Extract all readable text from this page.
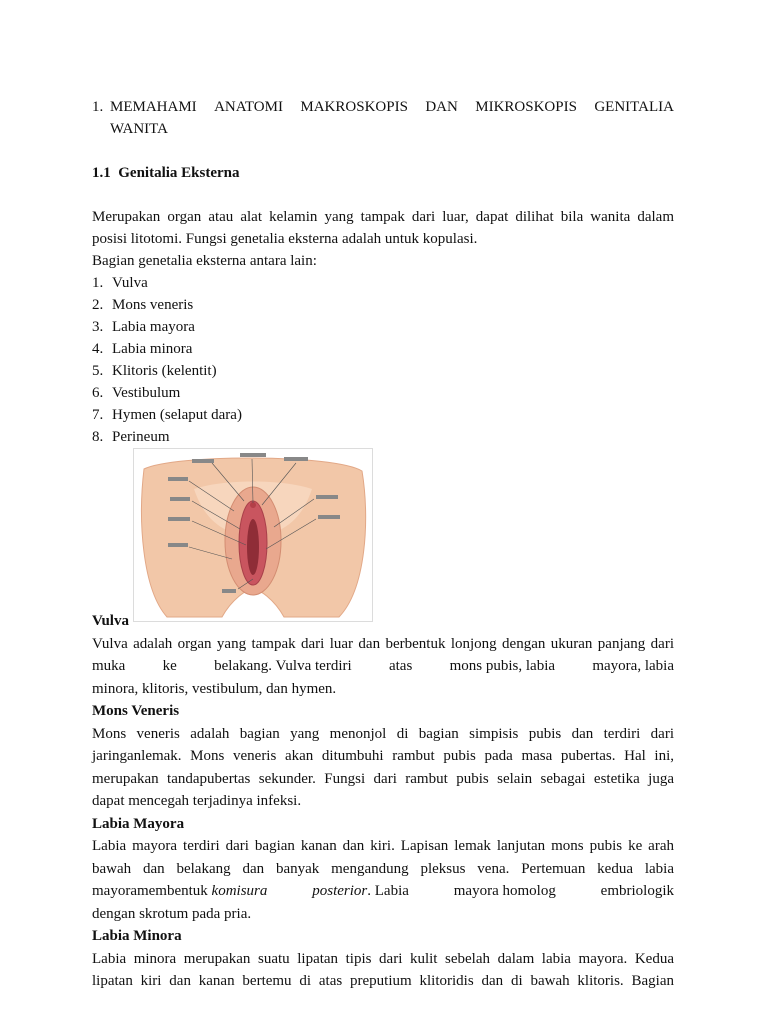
1. MEMAHAMI ANATOMI MAKROSKOPIS DAN MIKROSKOPIS GENITALIA
WANITA
1.1  Genitalia Eksterna
Merupakan organ atau alat kelamin yang tampak dari luar, dapat dilihat bila wanita dalam
posisi litotomi. Fungsi genetalia eksterna adalah untuk kopulasi.
Bagian genetalia eksterna antara lain:
1. Vulva
2. Mons veneris
3. Labia mayora
4. Labia minora
5. Klitoris (kelentit)
6. Vestibulum
7. Hymen (selaput dara)
8. Perineum
Vulva
Vulva adalah organ yang tampak dari luar dan berbentuk lonjong dengan ukuran panjang dari
muka ke belakang. Vulva terdiri atas mons pubis, labia mayora, labia
minora, klitoris, vestibulum, dan hymen.
Mons Veneris
Mons veneris adalah bagian yang menonjol di bagian simpisis pubis dan terdiri dari
jaringanlemak. Mons veneris akan ditumbuhi rambut pubis pada masa pubertas. Hal ini,
merupakan tandapubertas sekunder. Fungsi dari rambut pubis selain sebagai estetika juga
dapat mencegah terjadinya infeksi.
Labia Mayora
Labia mayora terdiri dari bagian kanan dan kiri. Lapisan lemak lanjutan mons pubis ke arah
bawah dan belakang dan banyak mengandung pleksus vena. Pertemuan kedua labia
mayoramembentuk komisura	posterior. Labia	mayora homolog	embriologik
dengan skrotum pada pria.
Labia Minora
Labia minora merupakan suatu lipatan tipis dari kulit sebelah dalam labia mayora. Kedua
lipatan kiri dan kanan bertemu di atas preputium klitoridis dan di bawah klitoris. Bagian
